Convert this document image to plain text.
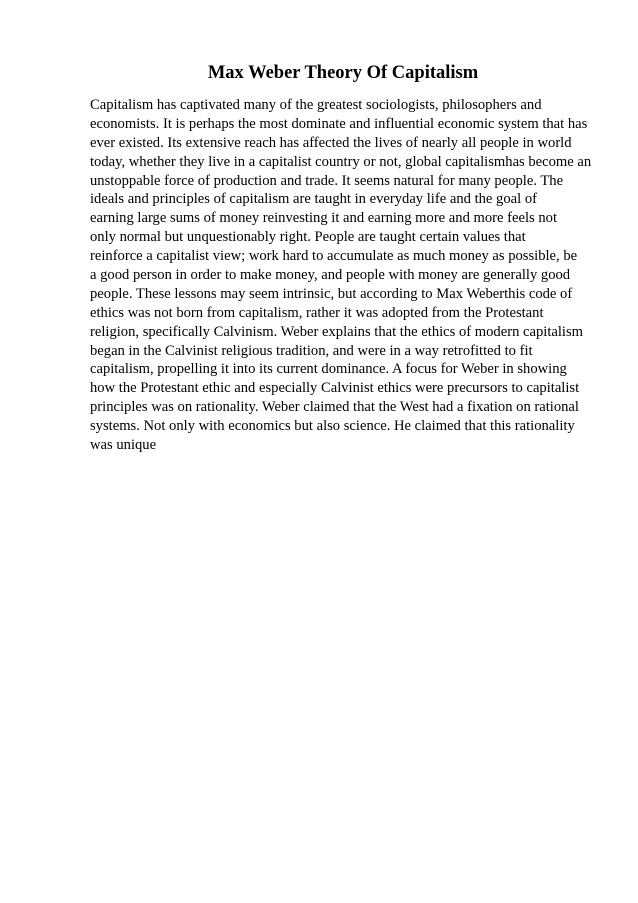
Max Weber Theory Of Capitalism
Capitalism has captivated many of the greatest sociologists, philosophers and
economists. It is perhaps the most dominate and influential economic system that has
ever existed. Its extensive reach has affected the lives of nearly all people in world
today, whether they live in a capitalist country or not, global capitalismhas become an
unstoppable force of production and trade. It seems natural for many people. The
ideals and principles of capitalism are taught in everyday life and the goal of
earning large sums of money reinvesting it and earning more and more feels not
only normal but unquestionably right. People are taught certain values that
reinforce a capitalist view; work hard to accumulate as much money as possible, be
a good person in order to make money, and people with money are generally good
people. These lessons may seem intrinsic, but according to Max Weberthis code of
ethics was not born from capitalism, rather it was adopted from the Protestant
religion, specifically Calvinism. Weber explains that the ethics of modern capitalism
began in the Calvinist religious tradition, and were in a way retrofitted to fit
capitalism, propelling it into its current dominance. A focus for Weber in showing
how the Protestant ethic and especially Calvinist ethics were precursors to capitalist
principles was on rationality. Weber claimed that the West had a fixation on rational
systems. Not only with economics but also science. He claimed that this rationality
was unique
